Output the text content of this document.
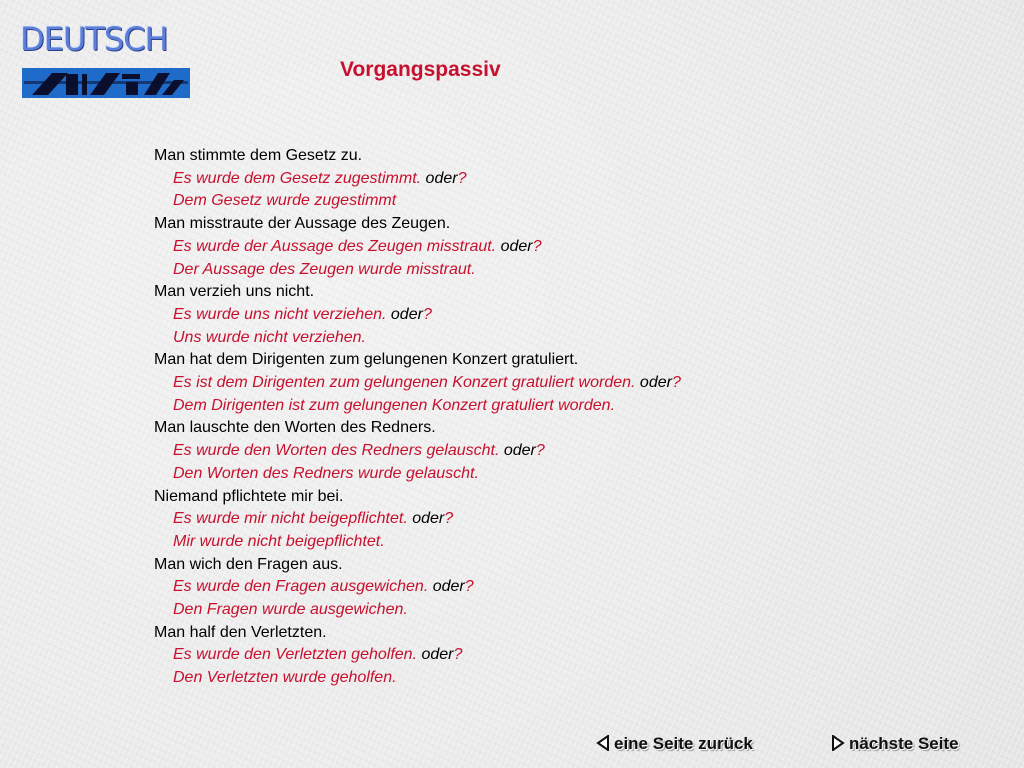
DEUTSCH
Vorgangspassiv
Man stimmte dem Gesetz zu.
Es wurde dem Gesetz zugestimmt. oder?
Dem Gesetz wurde zugestimmt
Man misstraute der Aussage des Zeugen.
Es wurde der Aussage des Zeugen misstraut. oder?
Der Aussage des Zeugen wurde misstraut.
Man verzieh uns nicht.
Es wurde uns nicht verziehen. oder?
Uns wurde nicht verziehen.
Man hat dem Dirigenten zum gelungenen Konzert gratuliert.
Es ist dem Dirigenten zum gelungenen Konzert gratuliert worden. oder?
Dem Dirigenten ist zum gelungenen Konzert gratuliert worden.
Man lauschte den Worten des Redners.
Es wurde den Worten des Redners gelauscht. oder?
Den Worten des Redners wurde gelauscht.
Niemand pflichtete mir bei.
Es wurde mir nicht beigepflichtet. oder?
Mir wurde nicht beigepflichtet.
Man wich den Fragen aus.
Es wurde den Fragen ausgewichen. oder?
Den Fragen wurde ausgewichen.
Man half den Verletzten.
Es wurde den Verletzten geholfen. oder?
Den Verletzten wurde geholfen.
eine Seite zurück	nächste Seite
